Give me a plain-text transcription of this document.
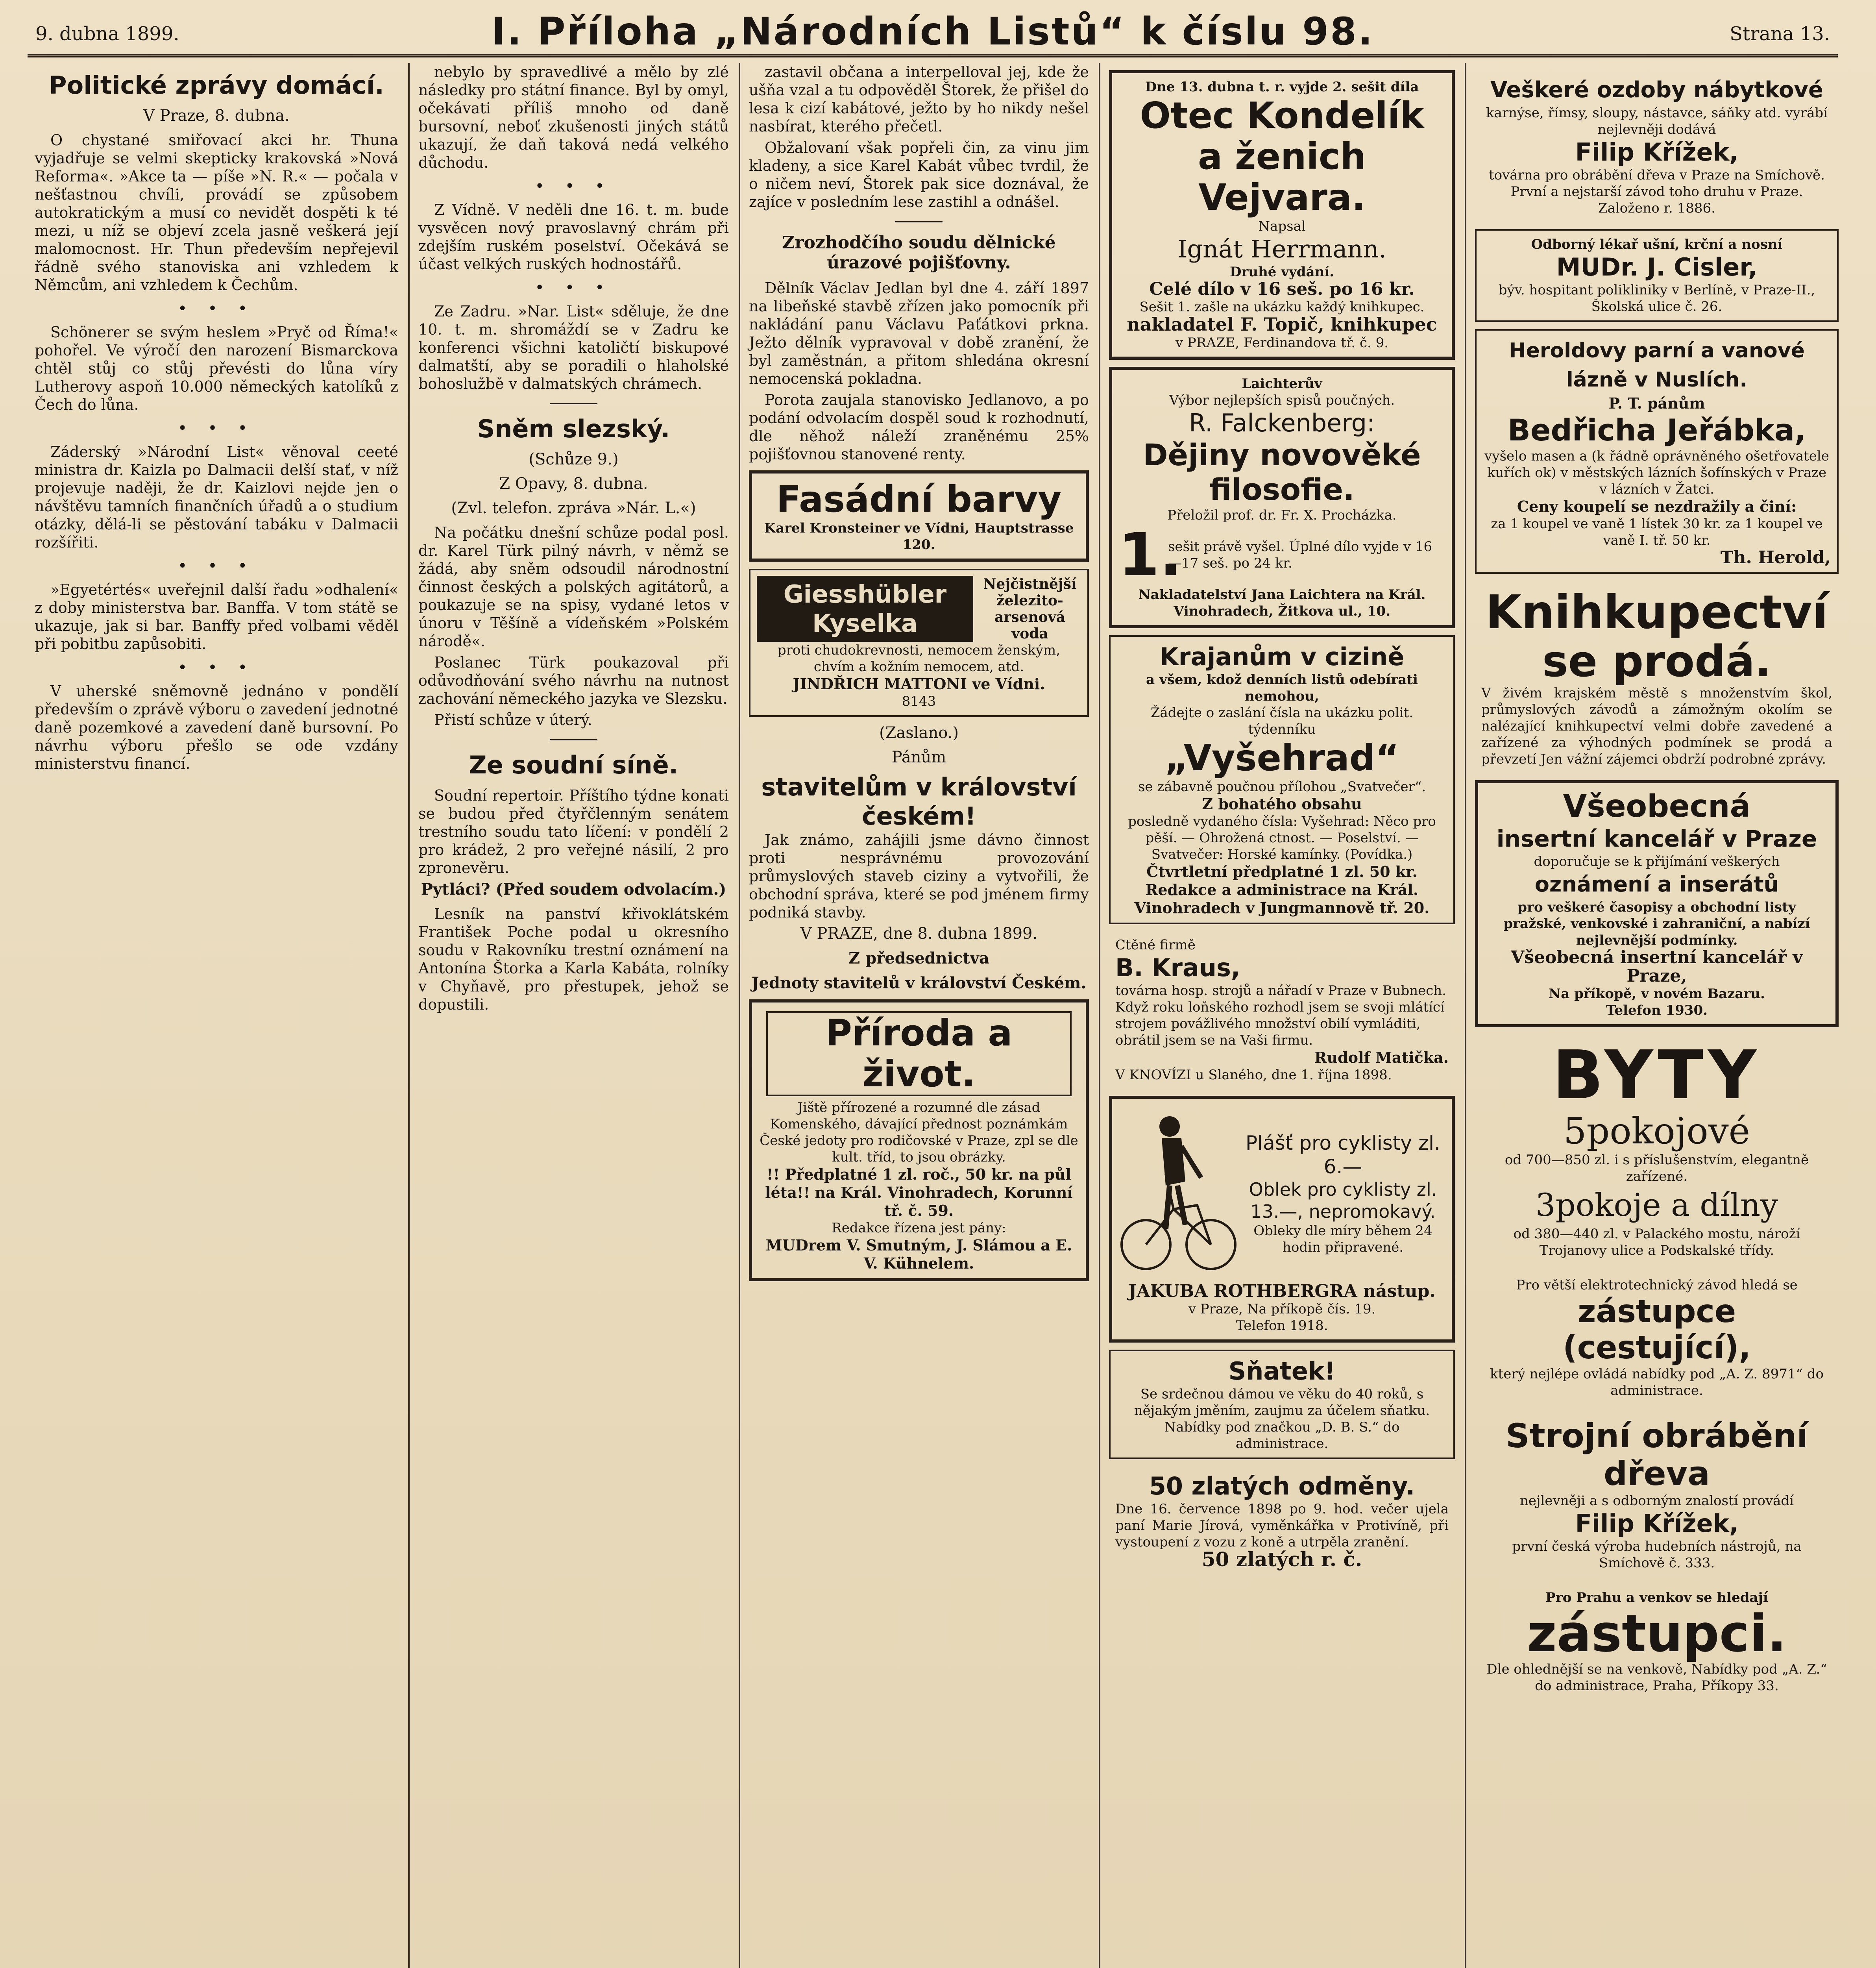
9. dubna 1899.	I. Příloha „Národních Listů“ k číslu 98.	Strana 13.
Politické zprávy domácí.
V Praze, 8. dubna.

O chystané smiřovací akci hr. Thuna vyjadřuje se velmi skepticky krakovská »Nová Reforma«. »Akce ta — píše »N. R.« — počala v nešťastnou chvíli, provádí se způsobem autokratickým a musí co nevidět dospěti k té mezi, u níž se objeví zcela jasně veškerá její malomocnost. Hr. Thun především nepřejevil řádně svého stanoviska ani vzhledem k Němcům, ani vzhledem k Čechům.

• • •

Schönerer se svým heslem »Pryč od Říma!« pohořel. Ve výročí den narození Bismarckova chtěl stůj co stůj převésti do lůna víry Lutherovy aspoň 10.000 německých katolíků z Čech do lůna.

• • •

Záderský »Národní List« věnoval ceeté ministra dr. Kaizla po Dalmacii delší stať, v níž projevuje naději, že dr. Kaizlovi nejde jen o návštěvu tamních finančních úřadů a o studium otázky, dělá-li se pěstování tabáku v Dalmacii rozšířiti.

• • •

»Egyetértés« uveřejnil další řadu »odhalení« z doby ministerstva bar. Banffa. V tom státě se ukazuje, jak si bar. Banffy před volbami věděl při pobitbu zapůsobiti.

• • •

V uherské sněmovně jednáno v pondělí především o zprávě výboru o zavedení jednotné daně pozemkové a zavedení daně bursovní. Po návrhu výboru přešlo se ode vzdány ministerstvu financí.

nebylo by spravedlivé a mělo by zlé následky pro státní finance. Byl by omyl, očekávati příliš mnoho od daně bursovní, neboť zkušenosti jiných států ukazují, že daň taková nedá velkého důchodu.

• • •

Z Vídně. V neděli dne 16. t. m. bude vysvěcen nový pravoslavný chrám při zdejším ruském poselství. Očekává se účast velkých ruských hodnostářů.

• • •

Ze Zadru. »Nar. List« sděluje, že dne 10. t. m. shromáždí se v Zadru ke konferenci všichni katoličtí biskupové dalmatští, aby se poradili o hlaholské bohoslužbě v dalmatských chrámech.

Sněm slezský.
(Schůze 9.)
Z Opavy, 8. dubna.
(Zvl. telefon. zpráva »Nár. L.«)

Na počátku dnešní schůze podal posl. dr. Karel Türk pilný návrh, v němž se žádá, aby sněm odsoudil národnostní činnost českých a polských agitátorů, a poukazuje se na spisy, vydané letos v únoru v Těšíně a vídeňském »Polském národě«.

Poslanec Türk poukazoval při odůvodňování svého návrhu na nutnost zachování německého jazyka ve Slezsku.

Přistí schůze v úterý.

Ze soudní síně.

Soudní repertoir. Příštího týdne konati se budou před čtyřčlenným senátem trestního soudu tato líčení: v pondělí 2 pro krádež, 2 pro veřejné násilí, 2 pro zpronevěru.

Pytláci? (Před soudem odvolacím.)

Lesník na panství křivoklátském František Poche podal u okresního soudu v Rakovníku trestní oznámení na Antonína Štorka a Karla Kabáta, rolníky v Chyňavě, pro přestupek, jehož se dopustili.

zastavil občana a interpelloval jej, kde že ušňa vzal a tu odpověděl Štorek, že přišel do lesa k cizí kabátové, ježto by ho nikdy nešel nasbírat, kterého přečetl.

Obžalovaní však popřeli čin, za vinu jim kladeny, a sice Karel Kabát vůbec tvrdil, že o ničem neví, Štorek pak sice doznával, že zajíce v posledním lese zastihl a odnášel.

Zrozhodčího soudu dělnické úrazové pojišťovny.

Dělník Václav Jedlan byl dne 4. září 1897 na libeňské stavbě zřízen jako pomocník při nakládání panu Václavu Paťátkovi prkna. Ježto dělník vypravoval v době zranění, že byl zaměstnán, a přitom shledána okresní nemocenská pokladna.

Porota zaujala stanovisko Jedlanovo, a po podání odvolacím dospěl soud k rozhodnutí, dle něhož náleží zraněnému 25% pojišťovnou stanovené renty.

Fasádní barvy
Karel Kronsteiner ve Vídni, Hauptstrasse 120.
Giesshübler Kyselka
Nejčistnější železito-arsenová voda
proti chudokrevnosti, nemocem ženským, chvím a kožním nemocem, atd.
JINDŘICH MATTONI ve Vídni.
8143
(Zaslano.)
Pánům
stavitelům v království českém!

Jak známo, zahájili jsme dávno činnost proti nesprávnému provozování průmyslových staveb ciziny a vytvořili, že obchodní správa, které se pod jménem firmy podniká stavby.

V PRAZE, dne 8. dubna 1899.
Z předsednictva
Jednoty stavitelů v království Českém.
Příroda a život.
Jiště přírozené a rozumné dle zásad Komenského, dávající přednost poznámkám České jedoty pro rodičovské v Praze, zpl se dle kult. tříd, to jsou obrázky.
!! Předplatné 1 zl. roč., 50 kr. na půl léta!! na Král. Vinohradech, Korunní tř. č. 59.
Redakce řízena jest pány:
MUDrem V. Smutným, J. Slámou a E. V. Kühnelem.
Dne 13. dubna t. r. vyjde 2. sešit díla
Otec Kondelík
a ženich Vejvara.
Napsal
Ignát Herrmann.
Druhé vydání.
Celé dílo v 16 seš. po 16 kr.
Sešit 1. zašle na ukázku každý knihkupec.
nakladatel F. Topič, knihkupec
v PRAZE, Ferdinandova tř. č. 9.
Laichterův
Výbor nejlepších spisů poučných.
R. Falckenberg:
Dějiny novověké filosofie.
Přeložil prof. dr. Fr. X. Procházka.
1.
sešit právě vyšel. Úplné dílo vyjde v 16—17 seš. po 24 kr.
Nakladatelství Jana Laichtera na Král. Vinohradech, Žitkova ul., 10.
Krajanům v cizině
a všem, kdož denních listů odebírati nemohou,
Žádejte o zaslání čísla na ukázku polit. týdenníku
„Vyšehrad“
se zábavně poučnou přílohou „Svatvečer“.
Z bohatého obsahu
posledně vydaného čísla: Vyšehrad: Něco pro pěší. — Ohrožená ctnost. — Poselství. — Svatvečer: Horské kamínky. (Povídka.)
Čtvrtletní předplatné 1 zl. 50 kr. Redakce a administrace na Král. Vinohradech v Jungmannově tř. 20.
Ctěné firmě
B. Kraus,
továrna hosp. strojů a nářadí v Praze v Bubnech. Když roku loňského rozhodl jsem se svoji mlátící strojem povážlivého množství obilí vymláditi, obrátil jsem se na Vaši firmu.
Rudolf Matička.
V KNOVÍZI u Slaného, dne 1. října 1898.
Plášť pro cyklisty zl. 6.—
Oblek pro cyklisty zl. 13.—, nepromokavý.
Obleky dle míry během 24 hodin připravené.
JAKUBA ROTHBERGRA nástup.
v Praze, Na příkopě čís. 19.
Telefon 1918.
Sňatek!
Se srdečnou dámou ve věku do 40 roků, s nějakým jměním, zaujmu za účelem sňatku. Nabídky pod značkou „D. B. S.“ do administrace.
50 zlatých odměny.
Dne 16. července 1898 po 9. hod. večer ujela paní Marie Jírová, vyměnkářka v Protivíně, při vystoupení z vozu z koně a utrpěla zranění.
50 zlatých r. č.
Veškeré ozdoby nábytkové
karnýse, římsy, sloupy, nástavce, sáňky atd. vyrábí nejlevněji dodává
Filip Křížek,
továrna pro obrábění dřeva v Praze na Smíchově. První a nejstarší závod toho druhu v Praze. Založeno r. 1886.
Odborný lékař ušní, krční a nosní
MUDr. J. Cisler,
býv. hospitant polikliniky v Berlíně, v Praze-II., Školská ulice č. 26.
Heroldovy parní a vanové lázně v Nuslích.
P. T. pánům
Bedřicha Jeřábka,
vyšelo masen a (k řádně oprávněného ošetřovatele kuřích ok) v městských lázních šofínských v Praze v lázních v Žatci.
Ceny koupelí se nezdražily a činí:
za 1 koupel ve vaně 1 lístek 30 kr. za 1 koupel ve vaně I. tř. 50 kr.
Th. Herold,
Knihkupectví
se prodá.
V živém krajském městě s množenstvím škol, průmyslových závodů a zámožným okolím se nalézající knihkupectví velmi dobře zavedené a zařízené za výhodných podmínek se prodá a převzetí Jen vážní zájemci obdrží podrobné zprávy.
Všeobecná
insertní kancelář v Praze
doporučuje se k přijímání veškerých
oznámení a inserátů
pro veškeré časopisy a obchodní listy pražské, venkovské i zahraniční, a nabízí nejlevnější podmínky.
Všeobecná insertní kancelář v Praze,
Na příkopě, v novém Bazaru.
Telefon 1930.
BYTY
5pokojové
od 700—850 zl. i s příslušenstvím, elegantně zařízené.
3pokoje a dílny
od 380—440 zl. v Palackého mostu, nároží Trojanovy ulice a Podskalské třídy.
Pro větší elektrotechnický závod hledá se
zástupce (cestující),
který nejlépe ovládá nabídky pod „A. Z. 8971“ do administrace.
Strojní obrábění dřeva
nejlevněji a s odborným znalostí provádí
Filip Křížek,
první česká výroba hudebních nástrojů, na Smíchově č. 333.
Pro Prahu a venkov se hledají
zástupci.
Dle ohlednější se na venkově, Nabídky pod „A. Z.“ do administrace, Praha, Příkopy 33.
